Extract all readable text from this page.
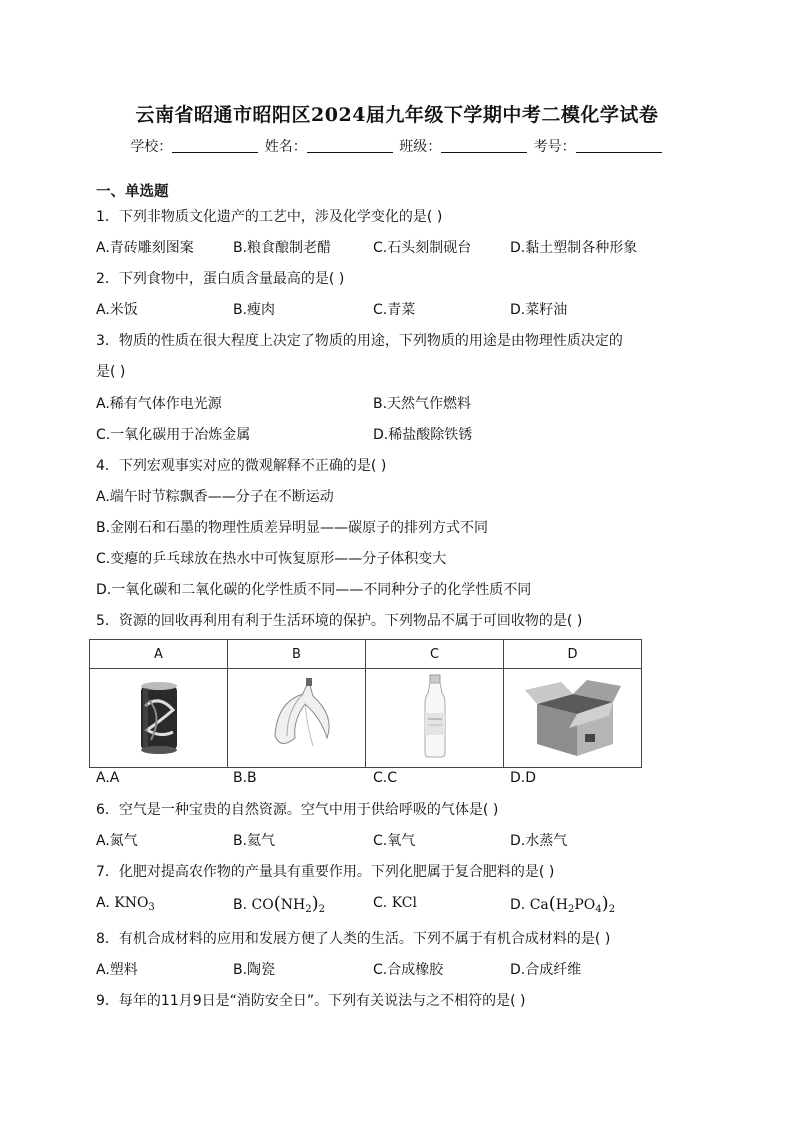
云南省昭通市昭阳区2024届九年级下学期中考二模化学试卷
学校：	姓名：	班级：	考号：
一、单选题
1．下列非物质文化遗产的工艺中，涉及化学变化的是( )
A.青砖雕刻图案	B.粮食酿制老醋	C.石头刻制砚台	D.黏土塑制各种形象
2．下列食物中，蛋白质含量最高的是( )
A.米饭	B.瘦肉	C.青菜	D.菜籽油
3．物质的性质在很大程度上决定了物质的用途，下列物质的用途是由物理性质决定的
是( )
A.稀有气体作电光源	B.天然气作燃料
C.一氧化碳用于冶炼金属	D.稀盐酸除铁锈
4．下列宏观事实对应的微观解释不正确的是( )
A.端午时节粽飘香——分子在不断运动
B.金刚石和石墨的物理性质差异明显——碳原子的排列方式不同
C.变瘪的乒乓球放在热水中可恢复原形——分子体积变大
D.一氧化碳和二氧化碳的化学性质不同——不同种分子的化学性质不同
5．资源的回收再利用有利于生活环境的保护。下列物品不属于可回收物的是( )
A	B	C	D

A.A	B.B	C.C	D.D
6．空气是一种宝贵的自然资源。空气中用于供给呼吸的气体是( )
A.氮气	B.氦气	C.氧气	D.水蒸气
7．化肥对提高农作物的产量具有重要作用。下列化肥属于复合肥料的是( )
A. $KNO_3$	B. $CO(NH_2)_2$	C. KCl	D. $Ca(H_2PO_4)_2$
8．有机合成材料的应用和发展方便了人类的生活。下列不属于有机合成材料的是( )
A.塑料	B.陶瓷	C.合成橡胶	D.合成纤维
9．每年的11月9日是“消防安全日”。下列有关说法与之不相符的是( )
